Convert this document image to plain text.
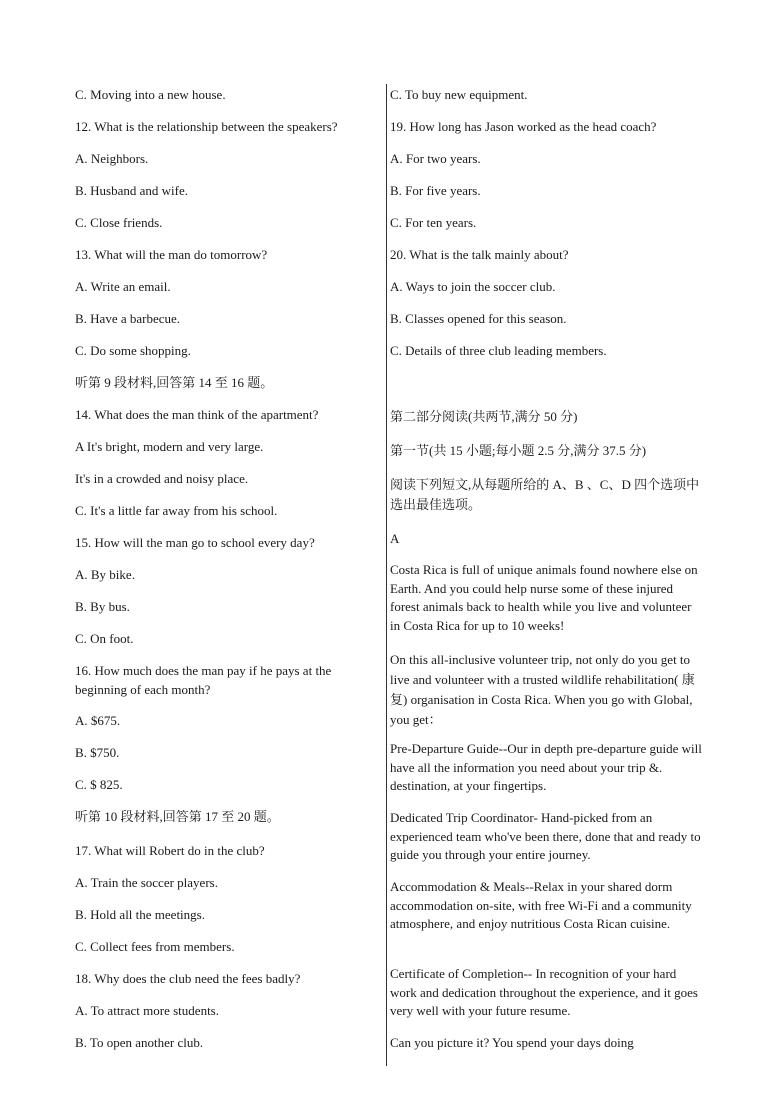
C. Moving into a new house.
12. What is the relationship between the speakers?
A. Neighbors.
B. Husband and wife.
C. Close friends.
13. What will the man do tomorrow?
A. Write an email.
B. Have a barbecue.
C. Do some shopping.
听第 9 段材料,回答第 14 至 16 题。
14. What does the man think of the apartment?
A It's bright, modern and very large.
It's in a crowded and noisy place.
C. It's a little far away from his school.
15. How will the man go to school every day?
A. By bike.
B. By bus.
C. On foot.
16. How much does the man pay if he pays at the beginning of each month?
A. $675.
B. $750.
C. $ 825.
听第 10 段材料,回答第 17 至 20 题。
17. What will Robert do in the club?
A. Train the soccer players.
B. Hold all the meetings.
C. Collect fees from members.
18. Why does the club need the fees badly?
A. To attract more students.
B. To open another club.
C. To buy new equipment.
19. How long has Jason worked as the head coach?
A. For two years.
B. For five years.
C. For ten years.
20. What is the talk mainly about?
A. Ways to join the soccer club.
B. Classes opened for this season.
C. Details of three club leading members.
第二部分阅读(共两节,满分 50 分)
第一节(共 15 小题;每小题 2.5 分,满分 37.5 分)
阅读下列短文,从每题所给的 A、B 、C、D 四个选项中选出最佳选项。
A
Costa Rica is full of unique animals found nowhere else on Earth. And you could help nurse some of these injured forest animals back to health while you live and volunteer in Costa Rica for up to 10 weeks!
On this all-inclusive volunteer trip, not only do you get to live and volunteer with a trusted wildlife rehabilitation( 康复) organisation in Costa Rica. When you go with Global, you get：
Pre-Departure Guide--Our in depth pre-departure guide will have all the information you need about your trip &. destination, at your fingertips.
Dedicated Trip Coordinator- Hand-picked from an experienced team who've been there, done that and ready to guide you through your entire journey.
Accommodation & Meals--Relax in your shared dorm accommodation on-site, with free Wi-Fi and a community atmosphere, and enjoy nutritious Costa Rican cuisine.
Certificate of Completion-- In recognition of your hard work and dedication throughout the experience, and it goes very well with your future resume.
Can you picture it? You spend your days doing
